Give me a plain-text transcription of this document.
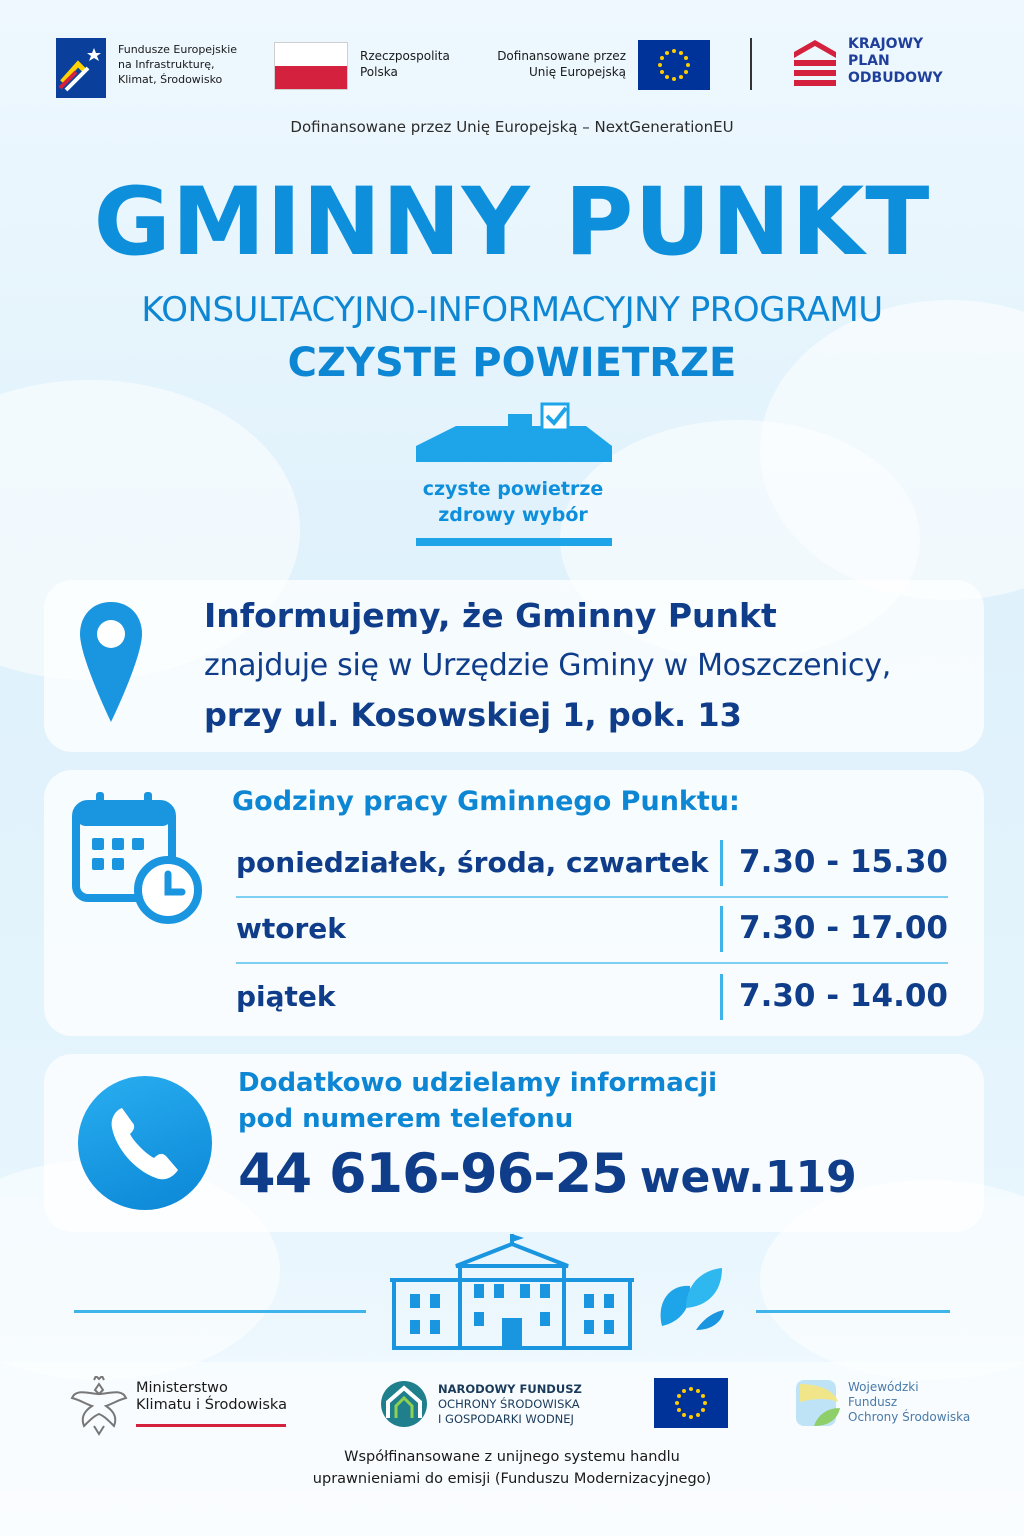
Fundusze Europejskie
na Infrastrukturę,
Klimat, Środowisko
Rzeczpospolita
Polska
Dofinansowane przez
Unię Europejską
KRAJOWY
PLAN
ODBUDOWY
Dofinansowane przez Unię Europejską – NextGenerationEU
GMINNY PUNKT
KONSULTACYJNO-INFORMACYJNY PROGRAMU
CZYSTE POWIETRZE
czyste powietrze
zdrowy wybór
Informujemy, że Gminny Punkt
znajduje się w Urzędzie Gminy w Moszczenicy,
przy ul. Kosowskiej 1, pok. 13
Godziny pracy Gminnego Punktu:
poniedziałek, środa, czwartek 7.30 - 15.30
wtorek	7.30 - 17.00
piątek	7.30 - 14.00
Dodatkowo udzielamy informacji
pod numerem telefonu
44 616-96-25 wew.119
Ministerstwo
Klimatu i Środowiska
NARODOWY FUNDUSZ
OCHRONY ŚRODOWISKA
I GOSPODARKI WODNEJ
Wojewódzki
Fundusz
Ochrony Środowiska
Współfinansowane z unijnego systemu handlu
uprawnieniami do emisji (Funduszu Modernizacyjnego)
